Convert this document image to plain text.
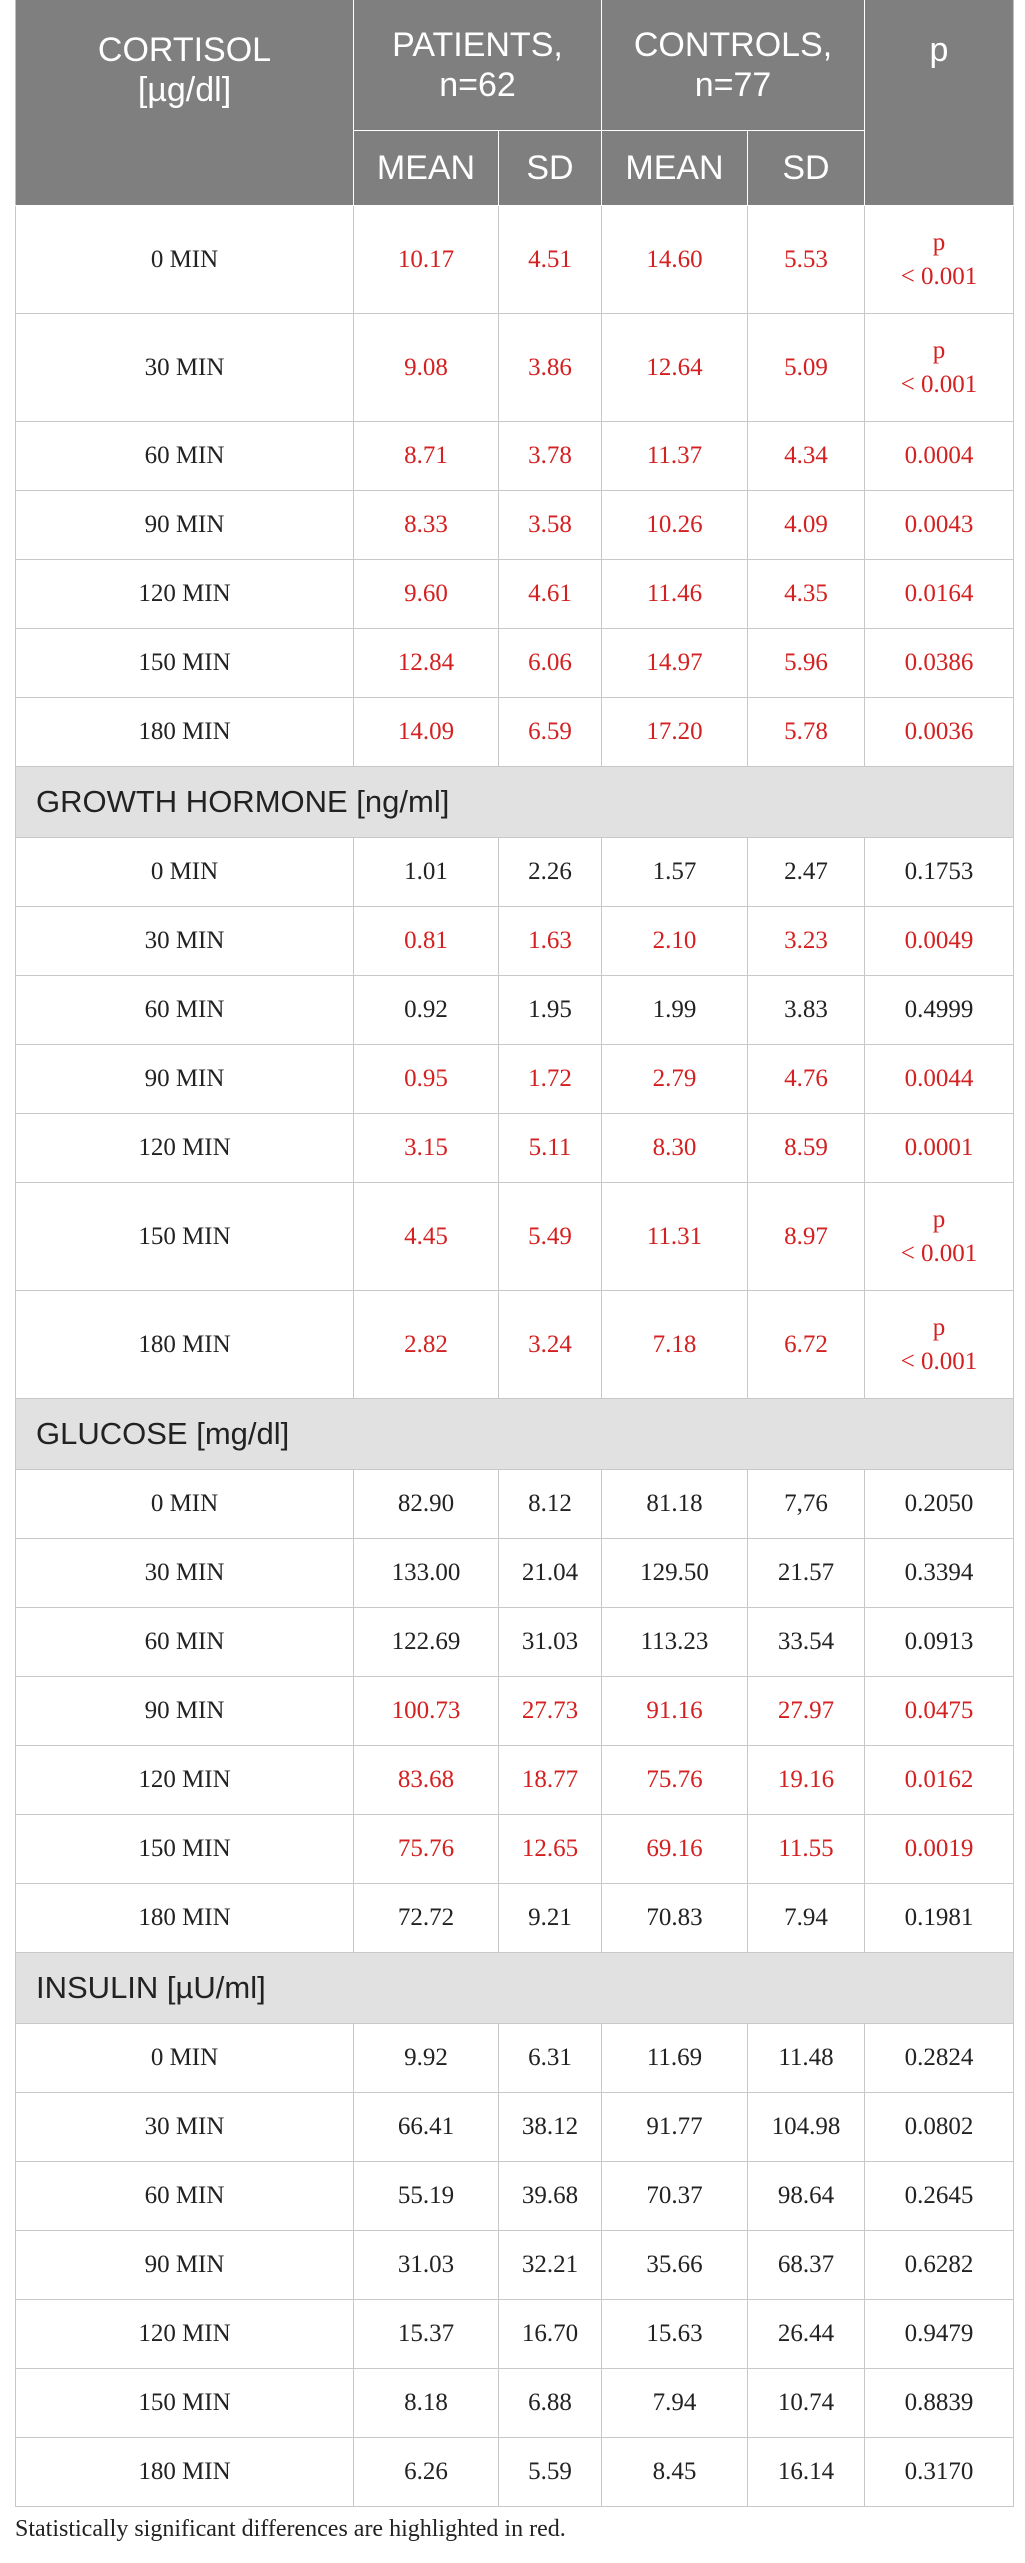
CORTISOL [µg/dl]	PATIENTS, n=62		CONTROLS, n=77		p
	MEAN	SD	MEAN	SD	
0 MIN	10.17	4.51	14.60	5.53	p
< 0.001

30 MIN	9.08	3.86	12.64	5.09	p
< 0.001

60 MIN	8.71	3.78	11.37	4.34	0.0004
90 MIN	8.33	3.58	10.26	4.09	0.0043
120 MIN	9.60	4.61	11.46	4.35	0.0164
150 MIN	12.84	6.06	14.97	5.96	0.0386
180 MIN	14.09	6.59	17.20	5.78	0.0036
GROWTH HORMONE [ng/ml]					
0 MIN	1.01	2.26	1.57	2.47	0.1753
30 MIN	0.81	1.63	2.10	3.23	0.0049
60 MIN	0.92	1.95	1.99	3.83	0.4999
90 MIN	0.95	1.72	2.79	4.76	0.0044
120 MIN	3.15	5.11	8.30	8.59	0.0001
150 MIN	4.45	5.49	11.31	8.97	p
< 0.001

180 MIN	2.82	3.24	7.18	6.72	p
< 0.001

GLUCOSE [mg/dl]					
0 MIN	82.90	8.12	81.18	7,76	0.2050
30 MIN	133.00	21.04	129.50	21.57	0.3394
60 MIN	122.69	31.03	113.23	33.54	0.0913
90 MIN	100.73	27.73	91.16	27.97	0.0475
120 MIN	83.68	18.77	75.76	19.16	0.0162
150 MIN	75.76	12.65	69.16	11.55	0.0019
180 MIN	72.72	9.21	70.83	7.94	0.1981
INSULIN [µU/ml]					
0 MIN	9.92	6.31	11.69	11.48	0.2824
30 MIN	66.41	38.12	91.77	104.98	0.0802
60 MIN	55.19	39.68	70.37	98.64	0.2645
90 MIN	31.03	32.21	35.66	68.37	0.6282
120 MIN	15.37	16.70	15.63	26.44	0.9479
150 MIN	8.18	6.88	7.94	10.74	0.8839
180 MIN	6.26	5.59	8.45	16.14	0.3170
Statistically significant differences are highlighted in red.
